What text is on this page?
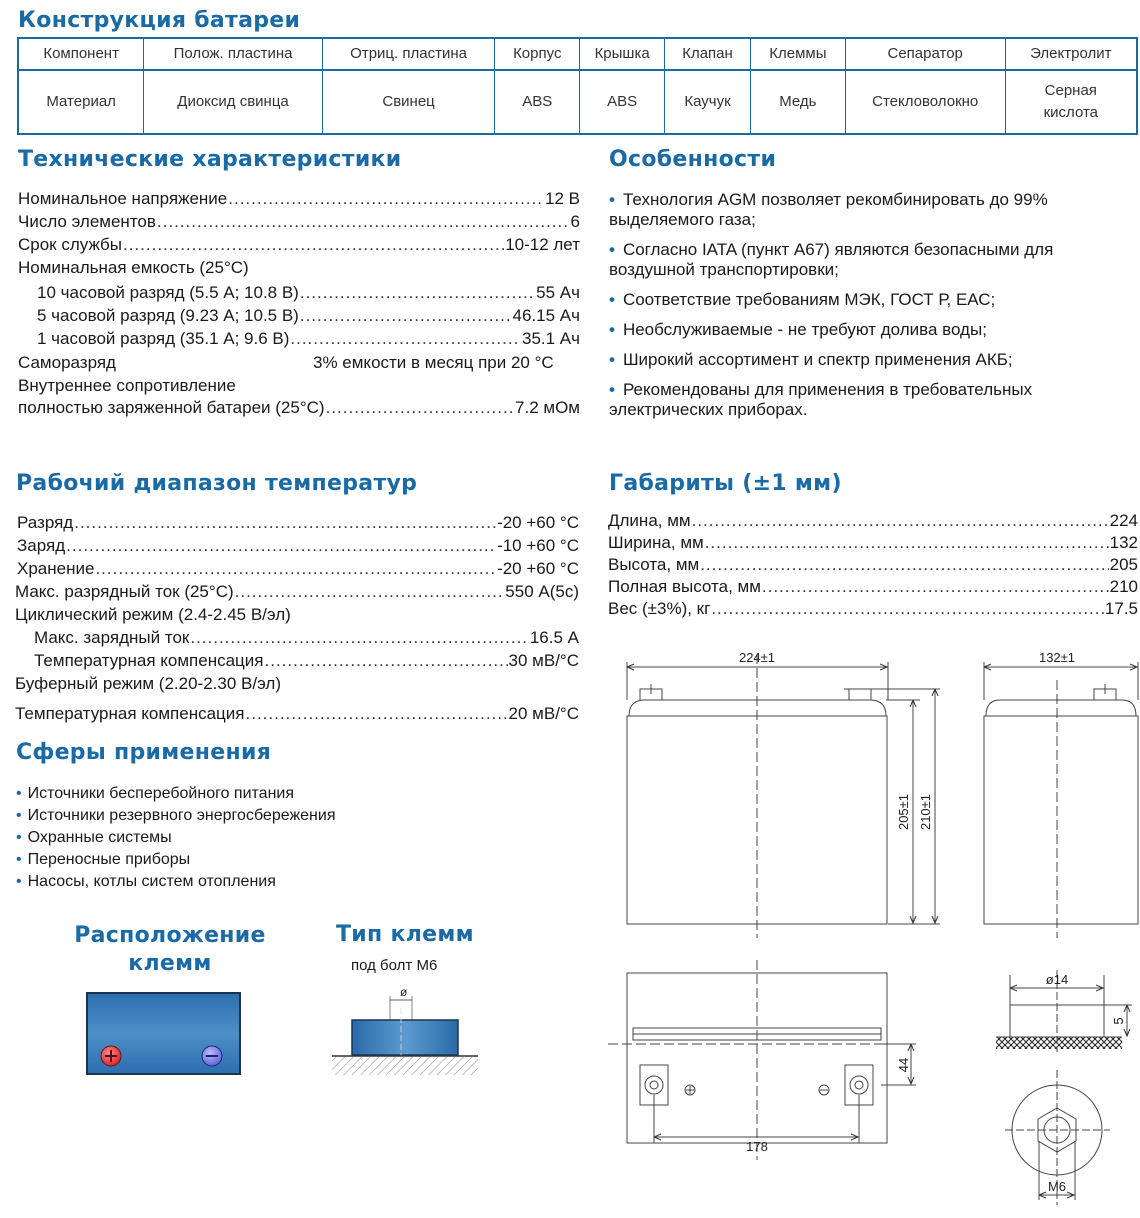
Конструкция батареи
Компонент	Полож. пластина	Отриц. пластина	Корпус	Крышка	Клапан	Клеммы	Сепаратор	Электролит
Материал	Диоксид свинца	Свинец	ABS	ABS	Каучук	Медь	Стекловолокно	Серная кислота
Технические характеристики
Номинальное напряжение .....	12 В
Число элементов .....	6
Срок службы .....	10-12 лет
Номинальная емкость (25°С)
10 часовой разряд (5.5 А; 10.8 В) .....	55 Ач
5 часовой разряд (9.23 А; 10.5 В) .....	46.15 Ач
1 часовой разряд (35.1 А; 9.6 В) .....	35.1 Ач
Саморазряд	3% емкости в месяц при 20 °С
Внутреннее сопротивление
полностью заряженной батареи (25°С) .....	7.2 мОм
Особенности
• Технология AGM позволяет рекомбинировать до 99% выделяемого газа;
• Согласно IATA (пункт A67) являются безопасными для воздушной транспортировки;
• Соответствие требованиям МЭК, ГОСТ Р, ЕАС;
• Необслуживаемые - не требуют долива воды;
• Широкий ассортимент и спектр применения АКБ;
• Рекомендованы для применения в требовательных электрических приборах.
Рабочий диапазон температур
Разряд .....	-20 +60 °С
Заряд .....	-10 +60 °С
Хранение .....	-20 +60 °С
Макс. разрядный ток (25°С) .....	550 А(5с)
Циклический режим (2.4-2.45 В/эл)
Макс. зарядный ток .....	16.5 А
Температурная компенсация .....	30 мВ/°С
Буферный режим (2.20-2.30 В/эл)
Температурная компенсация .....	20 мВ/°С
Габариты (±1 мм)
Длина, мм .....	224
Ширина, мм .....	132
Высота, мм .....	205
Полная высота, мм .....	210
Вес (±3%), кг .....	17.5
Сферы применения
• Источники бесперебойного питания
• Источники резервного энергосбережения
• Охранные системы
• Переносные приборы
• Насосы, котлы систем отопления
Расположение
клемм
Тип клемм
под болт М6
ø
224±1	132±1
205±1 210±1
44
178
ø14
5
М6
